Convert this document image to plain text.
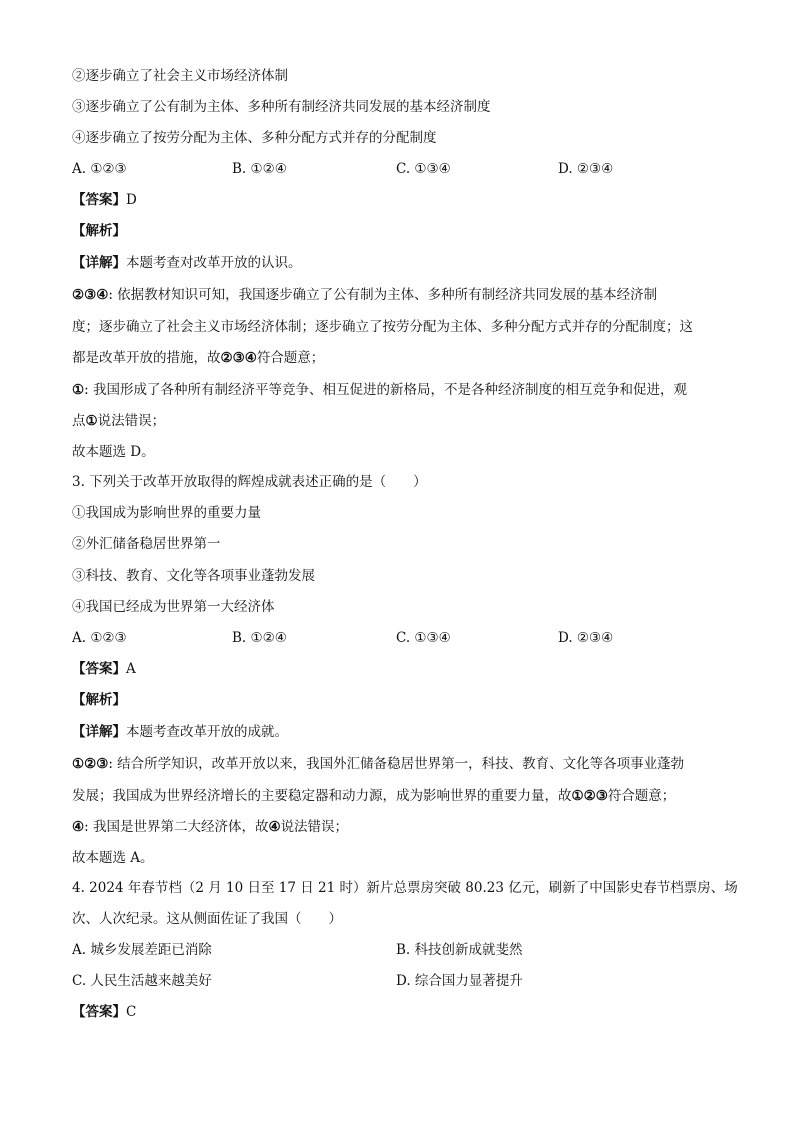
②逐步确立了社会主义市场经济体制
③逐步确立了公有制为主体、多种所有制经济共同发展的基本经济制度
④逐步确立了按劳分配为主体、多种分配方式并存的分配制度
A. ①②③	B. ①②④	C. ①③④	D. ②③④
【答案】D
【解析】
【详解】本题考查对改革开放的认识。
②③④: 依据教材知识可知，我国逐步确立了公有制为主体、多种所有制经济共同发展的基本经济制
度；逐步确立了社会主义市场经济体制；逐步确立了按劳分配为主体、多种分配方式并存的分配制度；这
都是改革开放的措施，故②③④符合题意；
①: 我国形成了各种所有制经济平等竞争、相互促进的新格局，不是各种经济制度的相互竞争和促进，观
点①说法错误；
故本题选 D。
3. 下列关于改革开放取得的辉煌成就表述正确的是（　　）
①我国成为影响世界的重要力量
②外汇储备稳居世界第一
③科技、教育、文化等各项事业蓬勃发展
④我国已经成为世界第一大经济体
A. ①②③	B. ①②④	C. ①③④	D. ②③④
【答案】A
【解析】
【详解】本题考查改革开放的成就。
①②③: 结合所学知识，改革开放以来，我国外汇储备稳居世界第一，科技、教育、文化等各项事业蓬勃
发展；我国成为世界经济增长的主要稳定器和动力源，成为影响世界的重要力量，故①②③符合题意；
④: 我国是世界第二大经济体，故④说法错误；
故本题选 A。
4. 2024 年春节档（2 月 10 日至 17 日 21 时）新片总票房突破 80.23 亿元，刷新了中国影史春节档票房、场
次、人次纪录。这从侧面佐证了我国（　　）
A. 城乡发展差距已消除	B. 科技创新成就斐然
C. 人民生活越来越美好	D. 综合国力显著提升
【答案】C
